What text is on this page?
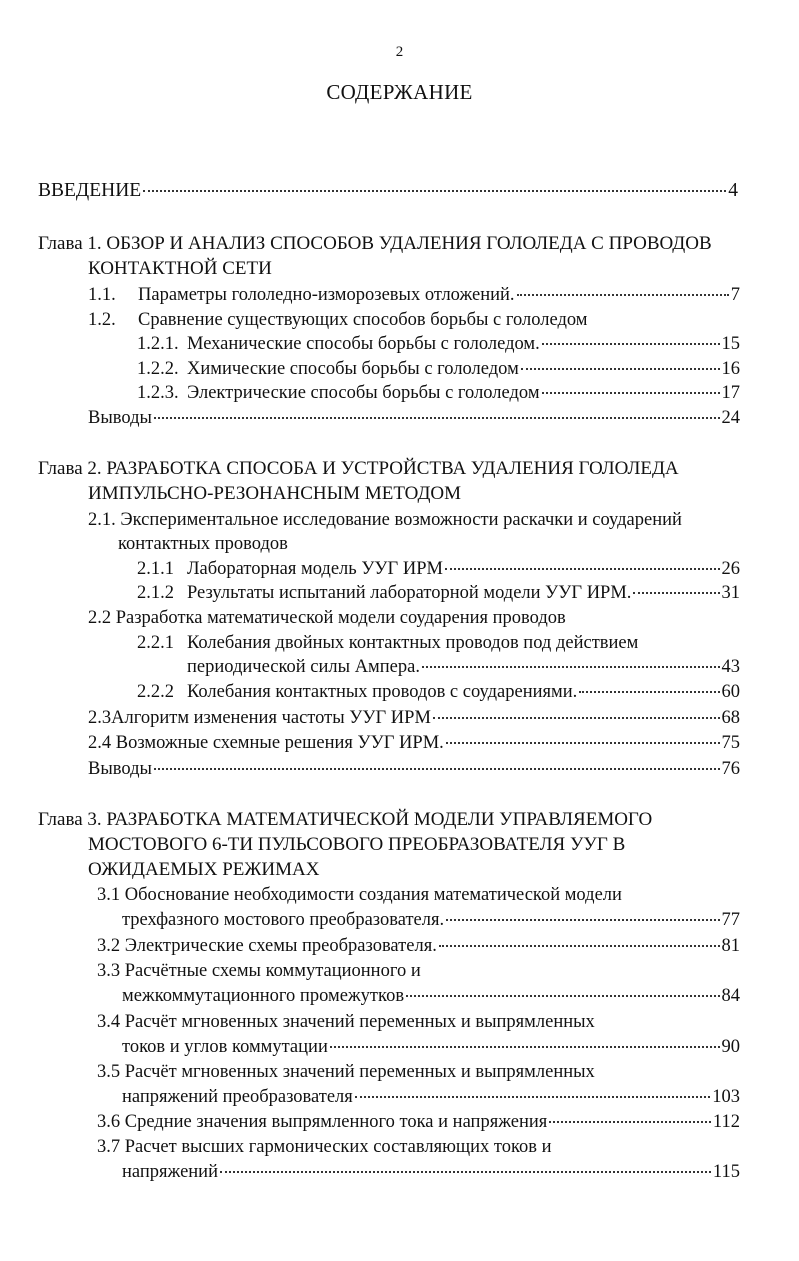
2
СОДЕРЖАНИЕ
ВВЕДЕНИЕ	4
Глава 1. ОБЗОР И АНАЛИЗ СПОСОБОВ УДАЛЕНИЯ ГОЛОЛЕДА С ПРОВОДОВ
КОНТАКТНОЙ СЕТИ
1.1.	Параметры гололедно-изморозевых отложений.	7
1.2.	Сравнение существующих способов борьбы с гололедом
1.2.1. Механические способы борьбы с гололедом.	15
1.2.2. Химические способы борьбы с гололедом	16
1.2.3. Электрические способы борьбы с гололедом	17
Выводы	24
Глава 2. РАЗРАБОТКА СПОСОБА И УСТРОЙСТВА УДАЛЕНИЯ ГОЛОЛЕДА
ИМПУЛЬСНО-РЕЗОНАНСНЫМ МЕТОДОМ
2.1. Экспериментальное исследование возможности раскачки и соударений
контактных проводов
2.1.1 Лабораторная модель УУГ ИРМ	26
2.1.2 Результаты испытаний лабораторной модели УУГ ИРМ.	31
2.2 Разработка математической модели соударения проводов
2.2.1 Колебания двойных контактных проводов под действием
периодической силы Ампера.	43
2.2.2 Колебания контактных проводов с соударениями.	60
2.3Алгоритм изменения частоты УУГ ИРМ	68
2.4 Возможные схемные решения УУГ ИРМ.	75
Выводы	76
Глава 3. РАЗРАБОТКА МАТЕМАТИЧЕСКОЙ МОДЕЛИ УПРАВЛЯЕМОГО
МОСТОВОГО 6-ТИ ПУЛЬСОВОГО ПРЕОБРАЗОВАТЕЛЯ УУГ В
ОЖИДАЕМЫХ РЕЖИМАХ
3.1 Обоснование необходимости создания математической модели
трехфазного мостового преобразователя.	77
3.2 Электрические схемы преобразователя.	81
3.3 Расчётные схемы коммутационного и
межкоммутационного промежутков	84
3.4 Расчёт мгновенных значений переменных и выпрямленных
токов и углов коммутации	90
3.5 Расчёт мгновенных значений переменных и выпрямленных
напряжений преобразователя	103
3.6 Средние значения выпрямленного тока и напряжения	112
3.7 Расчет высших гармонических составляющих токов и
напряжений	115
